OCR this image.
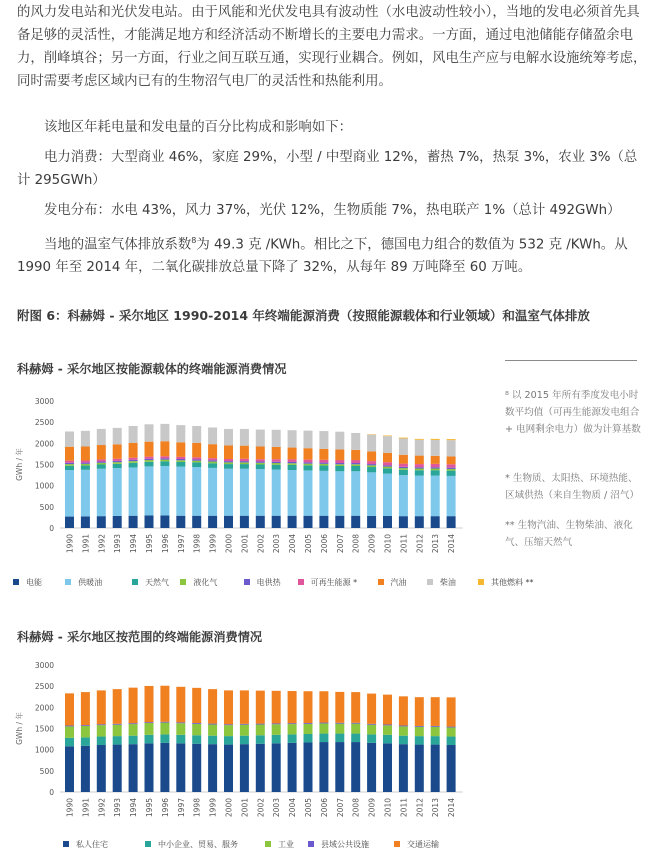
的风力发电站和光伏发电站。由于风能和光伏发电具有波动性（水电波动性较小），当地的发电必须首先具备足够的灵活性，才能满足地方和经济活动不断增长的主要电力需求。一方面，通过电池储能存储盈余电力，削峰填谷；另一方面，行业之间互联互通，实现行业耦合。例如，风电生产应与电解水设施统筹考虑，同时需要考虑区域内已有的生物沼气电厂的灵活性和热能利用。
该地区年耗电量和发电量的百分比构成和影响如下：
电力消费：大型商业 46%，家庭 29%，小型 / 中型商业 12%，蓄热 7%，热泵 3%，农业 3%（总计 295GWh）
发电分布：水电 43%，风力 37%，光伏 12%，生物质能 7%，热电联产 1%（总计 492GWh）
当地的温室气体排放系数$^8$为 49.3 克 /KWh。相比之下，德国电力组合的数值为 532 克 /KWh。从 1990 年至 2014 年，二氧化碳排放总量下降了 32%，从每年 89 万吨降至 60 万吨。
附图 6：科赫姆 - 采尔地区 1990-2014 年终端能源消费（按照能源载体和行业领域）和温室气体排放
科赫姆 - 采尔地区按能源载体的终端能源消费情况
0
500
1000
1500
2000
2500
3000
GWh / 年
1990 1991 1992 1993 1994 1995 1996 1997 1998 1999 2000 2001 2002 2003 2004 2005 2006 2007 2008 2009 2010 2011 2012 2013 2014
电能	供暖油	天然气	液化气	电供热	可再生能源 *	汽油	柴油	其他燃料 **
⁸ 以 2015 年所有季度发电小时数平均值（可再生能源发电组合 + 电网剩余电力）做为计算基数
* 生物质、太阳热、环境热能、区域供热（来自生物质 / 沼气）
** 生物汽油、生物柴油、液化气、压缩天然气
科赫姆 - 采尔地区按范围的终端能源消费情况
0
500
1000
1500
2000
2500
3000
GWh / 年
1990 1991 1992 1993 1994 1995 1996 1997 1998 1999 2000 2001 2002 2003 2004 2005 2006 2007 2008 2009 2010 2011 2012 2013 2014
私人住宅	中小企业、贸易、服务	工业	县域公共设施	交通运输
